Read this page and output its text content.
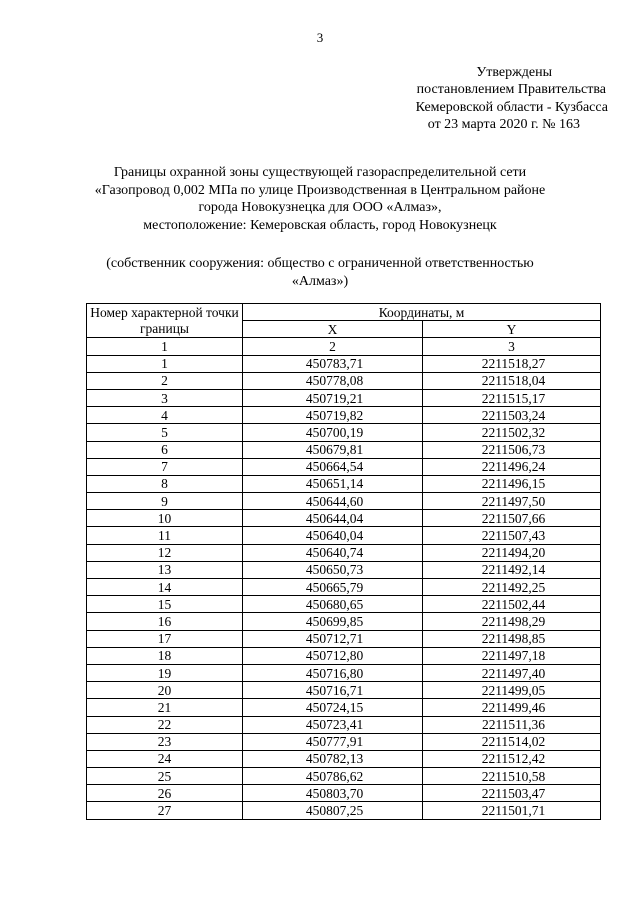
3
Утверждены
постановлением Правительства
Кемеровской области - Кузбасса
от 23 марта 2020 г. № 163
Границы охранной зоны существующей газораспределительной сети
«Газопровод 0,002 МПа по улице Производственная в Центральном районе
города Новокузнецка для ООО «Алмаз»,
местоположение: Кемеровская область, город Новокузнецк
(собственник сооружения: общество с ограниченной ответственностью
«Алмаз»)
Номер характерной точки границы	Координаты, м	
	X	Y
1	2	3
1	450783,71	2211518,27
2	450778,08	2211518,04
3	450719,21	2211515,17
4	450719,82	2211503,24
5	450700,19	2211502,32
6	450679,81	2211506,73
7	450664,54	2211496,24
8	450651,14	2211496,15
9	450644,60	2211497,50
10	450644,04	2211507,66
11	450640,04	2211507,43
12	450640,74	2211494,20
13	450650,73	2211492,14
14	450665,79	2211492,25
15	450680,65	2211502,44
16	450699,85	2211498,29
17	450712,71	2211498,85
18	450712,80	2211497,18
19	450716,80	2211497,40
20	450716,71	2211499,05
21	450724,15	2211499,46
22	450723,41	2211511,36
23	450777,91	2211514,02
24	450782,13	2211512,42
25	450786,62	2211510,58
26	450803,70	2211503,47
27	450807,25	2211501,71
